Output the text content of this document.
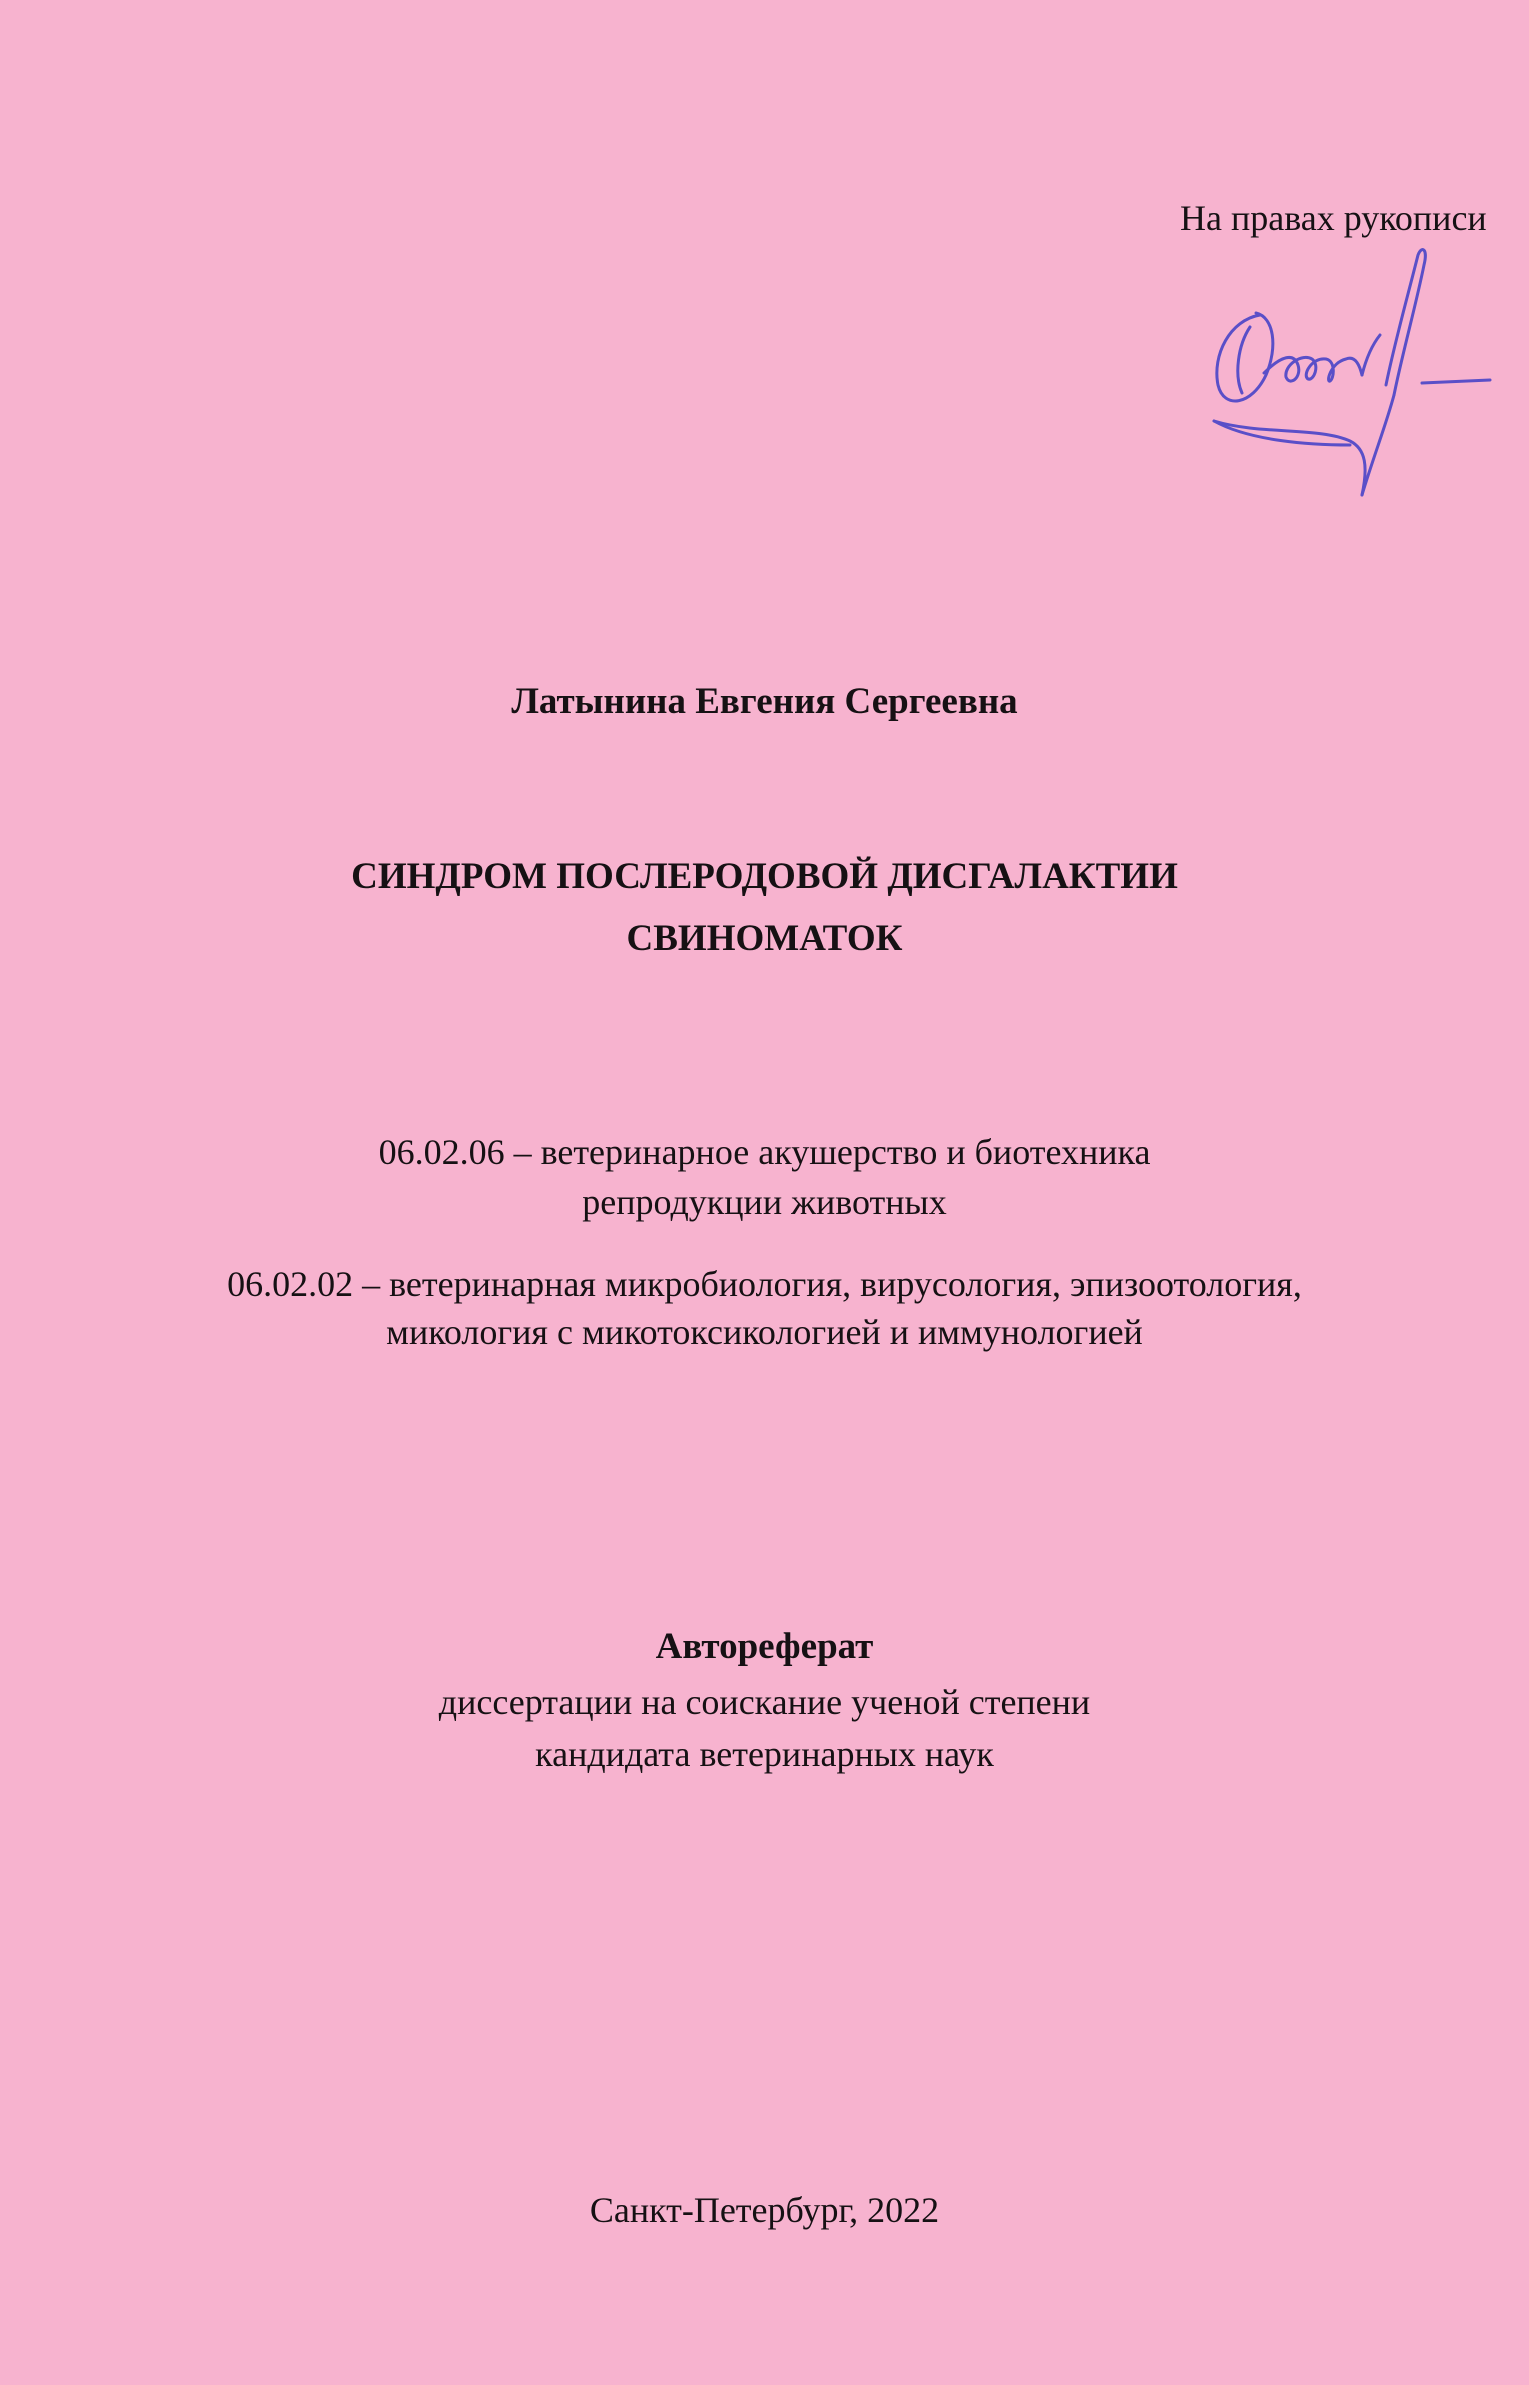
На правах рукописи
Латынина Евгения Сергеевна
СИНДРОМ ПОСЛЕРОДОВОЙ ДИСГАЛАКТИИ
СВИНОМАТОК
06.02.06 – ветеринарное акушерство и биотехника
репродукции животных
06.02.02 – ветеринарная микробиология, вирусология, эпизоотология,
микология с микотоксикологией и иммунологией
Автореферат
диссертации на соискание ученой степени
кандидата ветеринарных наук
Санкт-Петербург, 2022
